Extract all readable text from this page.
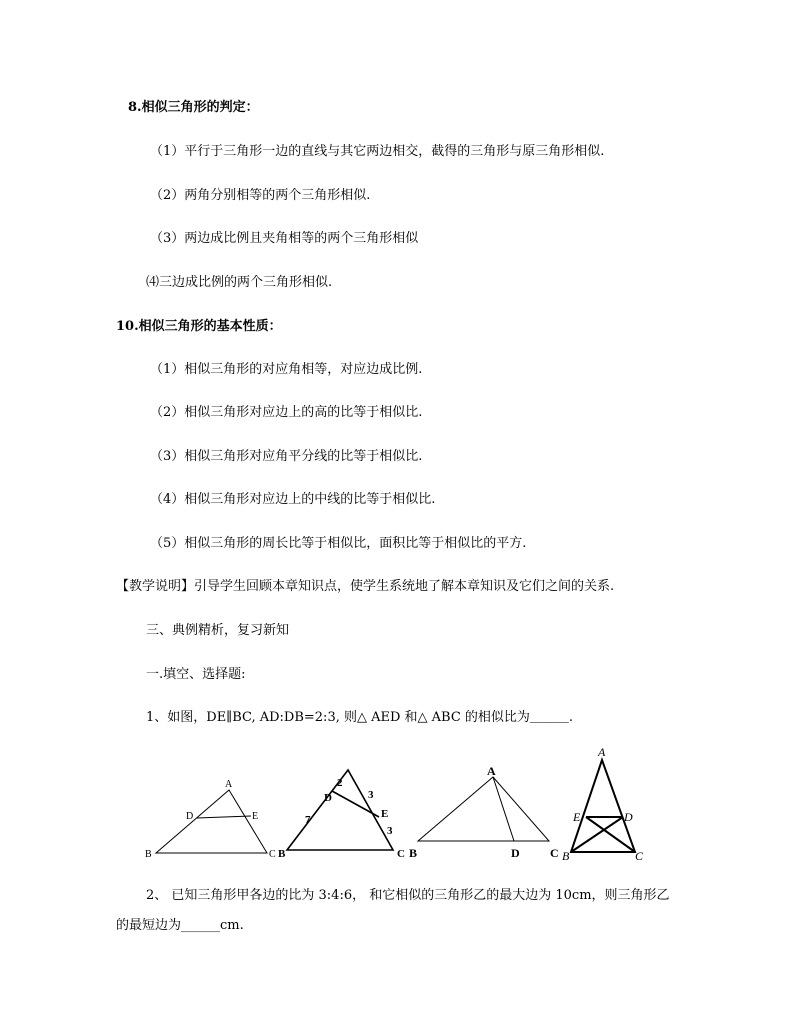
8.相似三角形的判定：
（1）平行于三角形一边的直线与其它两边相交，截得的三角形与原三角形相似.
（2）两角分别相等的两个三角形相似.
（3）两边成比例且夹角相等的两个三角形相似
⑷三边成比例的两个三角形相似.
10.相似三角形的基本性质：
（1）相似三角形的对应角相等，对应边成比例.
（2）相似三角形对应边上的高的比等于相似比.
（3）相似三角形对应角平分线的比等于相似比.
（4）相似三角形对应边上的中线的比等于相似比.
（5）相似三角形的周长比等于相似比，面积比等于相似比的平方.
【教学说明】引导学生回顾本章知识点，使学生系统地了解本章知识及它们之间的关系.
三、典例精析，复习新知
一.填空、选择题:
1、如图，DE∥BC, AD:DB=2:3, 则△ AED 和△ ABC 的相似比为＿＿＿.
A
D	E
B	C
2
3
D
E
7
3
B	C
A
B	D	C
A
E	D
B	C
2、 已知三角形甲各边的比为 3:4:6， 和它相似的三角形乙的最大边为 10cm，则三角形乙
的最短边为______cm.
